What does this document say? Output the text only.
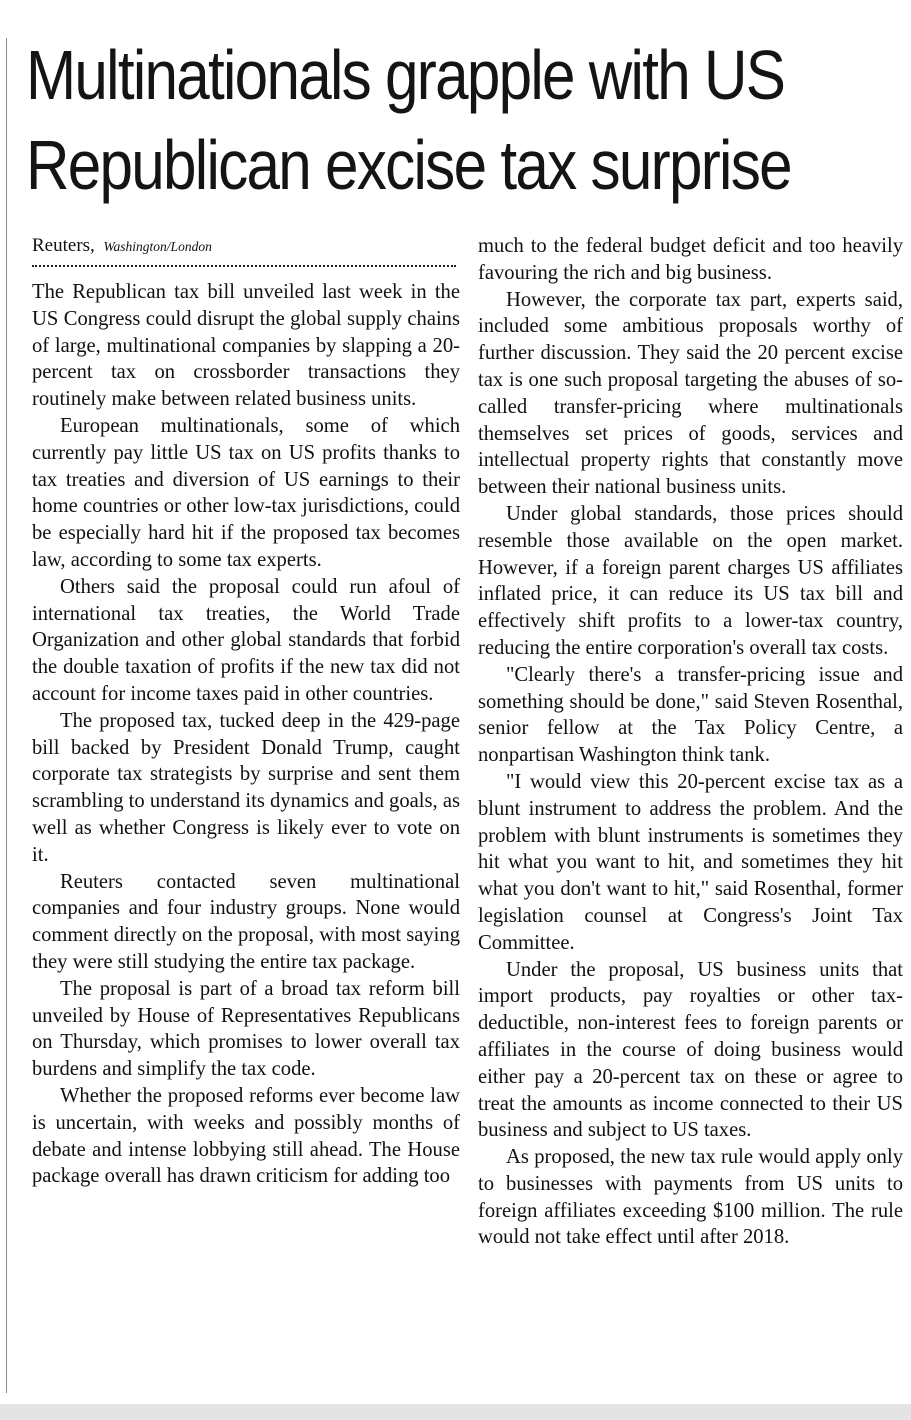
Multinationals grapple with US
Republican excise tax surprise
Reuters, Washington/London

The Republican tax bill unveiled last week in the US Congress could disrupt the global supply chains of large, multinational companies by slapping a 20-percent tax on crossborder transactions they routinely make between related business units.

European multinationals, some of which currently pay little US tax on US profits thanks to tax treaties and diversion of US earnings to their home countries or other low-tax jurisdictions, could be especially hard hit if the proposed tax becomes law, according to some tax experts.

Others said the proposal could run afoul of international tax treaties, the World Trade Organization and other global standards that forbid the double taxation of profits if the new tax did not account for income taxes paid in other countries.

The proposed tax, tucked deep in the 429-page bill backed by President Donald Trump, caught corporate tax strategists by surprise and sent them scrambling to understand its dynamics and goals, as well as whether Congress is likely ever to vote on it.

Reuters contacted seven multinational companies and four industry groups. None would comment directly on the proposal, with most saying they were still studying the entire tax package.

The proposal is part of a broad tax reform bill unveiled by House of Representatives Republicans on Thursday, which promises to lower overall tax burdens and simplify the tax code.

Whether the proposed reforms ever become law is uncertain, with weeks and possibly months of debate and intense lobbying still ahead. The House package overall has drawn criticism for adding too

much to the federal budget deficit and too heavily favouring the rich and big business.

However, the corporate tax part, experts said, included some ambitious proposals worthy of further discussion. They said the 20 percent excise tax is one such proposal targeting the abuses of so-called transfer-pricing where multinationals themselves set prices of goods, services and intellectual property rights that constantly move between their national business units.

Under global standards, those prices should resemble those available on the open market. However, if a foreign parent charges US affiliates inflated price, it can reduce its US tax bill and effectively shift profits to a lower-tax country, reducing the entire corporation's overall tax costs.

"Clearly there's a transfer-pricing issue and something should be done," said Steven Rosenthal, senior fellow at the Tax Policy Centre, a nonpartisan Washington think tank.

"I would view this 20-percent excise tax as a blunt instrument to address the problem. And the problem with blunt instruments is sometimes they hit what you want to hit, and sometimes they hit what you don't want to hit," said Rosenthal, former legislation counsel at Congress's Joint Tax Committee.

Under the proposal, US business units that import products, pay royalties or other tax-deductible, non-interest fees to foreign parents or affiliates in the course of doing business would either pay a 20-percent tax on these or agree to treat the amounts as income connected to their US business and subject to US taxes.

As proposed, the new tax rule would apply only to businesses with payments from US units to foreign affiliates exceeding $100 million. The rule would not take effect until after 2018.
